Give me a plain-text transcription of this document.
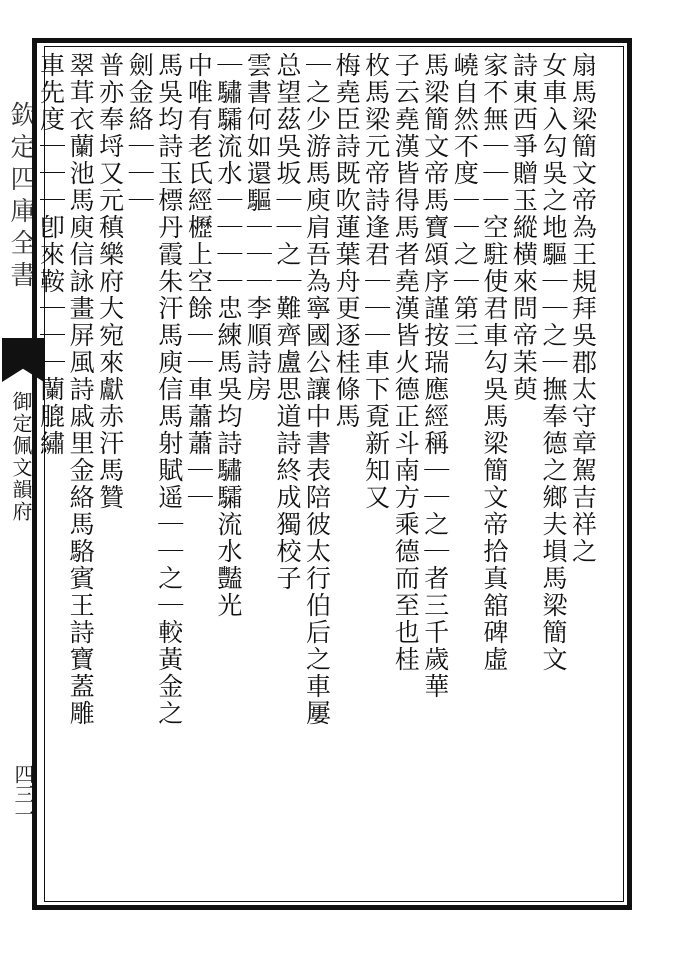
欽定四庫全書
御定佩文韻府
四三一
扇馬梁簡文帝為王規拜吳郡太守章駕吉祥之
女車入勾吳之地驅｜｜之｜撫奉德之鄉夫塤馬梁簡文
詩東西爭贈玉縱横來問帝苿萸
家不無｜｜｜空駐使君車勾吳馬梁簡文帝拾真舘碑虛
嶢自然不度｜｜之｜第三
馬梁簡文帝馬寶頌序謹按瑞應經稱｜｜之｜者三千歲華
子云堯漢皆得馬者堯漢皆火德正斗南方乘德而至也桂
枚馬梁元帝詩逢君｜｜｜車下覔新知又
梅堯臣詩既吹蓮葉舟更逐桂條馬
｜之少游馬庾肩吾為寧國公讓中書表陪彼太行伯后之車屢
总望茲吳坂｜｜之｜難齊盧思道詩終成獨校子
雲書何如還驅｜｜｜李順詩房
｜驌驦流水｜｜｜｜忠練馬吳均詩驌驦流水豔光
中唯有老氏經櫪上空餘｜｜車蕭蕭｜｜
馬吳均詩玉標丹霞朱汗馬庾信馬射賦遥｜｜之｜較黃金之
劍金絡｜｜｜
普亦奉埒又元稹樂府大宛來獻赤汗馬贊
翠茸衣蘭池馬庾信詠畫屏風詩戚里金絡馬駱賓王詩寶蓋雕
車先度｜｜｜卽來鞍｜｜｜蘭膍繡
